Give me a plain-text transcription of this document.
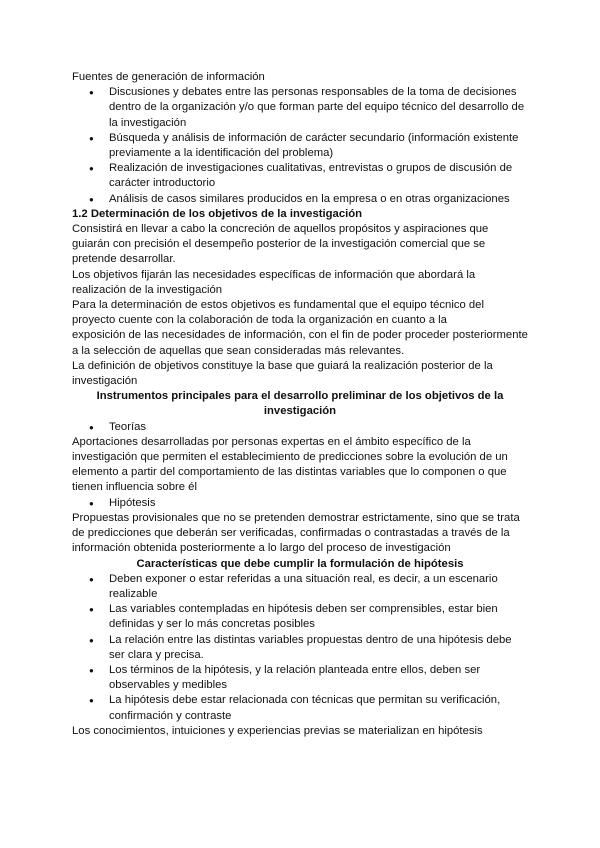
Fuentes de generación de información

● Discusiones y debates entre las personas responsables de la toma de decisiones dentro de la organización y/o que forman parte del equipo técnico del desarrollo de la investigación
● Búsqueda y análisis de información de carácter secundario (información existente previamente a la identificación del problema)
● Realización de investigaciones cualitativas, entrevistas o grupos de discusión de carácter introductorio
● Análisis de casos similares producidos en la empresa o en otras organizaciones

1.2 Determinación de los objetivos de la investigación

Consistirá en llevar a cabo la concreción de aquellos propósitos y aspiraciones que guiarán con precisión el desempeño posterior de la investigación comercial que se pretende desarrollar.

Los objetivos fijarán las necesidades específicas de información que abordará la realización de la investigación

Para la determinación de estos objetivos es fundamental que el equipo técnico del proyecto cuente con la colaboración de toda la organización en cuanto a la

exposición de las necesidades de información, con el fin de poder proceder posteriormente a la selección de aquellas que sean consideradas más relevantes.

La definición de objetivos constituye la base que guiará la realización posterior de la investigación

Instrumentos principales para el desarrollo preliminar de los objetivos de la investigación

● Teorías

Aportaciones desarrolladas por personas expertas en el ámbito específico de la investigación que permiten el establecimiento de predicciones sobre la evolución de un elemento a partir del comportamiento de las distintas variables que lo componen o que tienen influencia sobre él

● Hipótesis

Propuestas provisionales que no se pretenden demostrar estrictamente, sino que se trata de predicciones que deberán ser verificadas, confirmadas o contrastadas a través de la información obtenida posteriormente a lo largo del proceso de investigación

Características que debe cumplir la formulación de hipótesis

● Deben exponer o estar referidas a una situación real, es decir, a un escenario realizable
● Las variables contempladas en hipótesis deben ser comprensibles, estar bien definidas y ser lo más concretas posibles
● La relación entre las distintas variables propuestas dentro de una hipótesis debe ser clara y precisa.
● Los términos de la hipótesis, y la relación planteada entre ellos, deben ser observables y medibles
● La hipótesis debe estar relacionada con técnicas que permitan su verificación, confirmación y contraste

Los conocimientos, intuiciones y experiencias previas se materializan en hipótesis
